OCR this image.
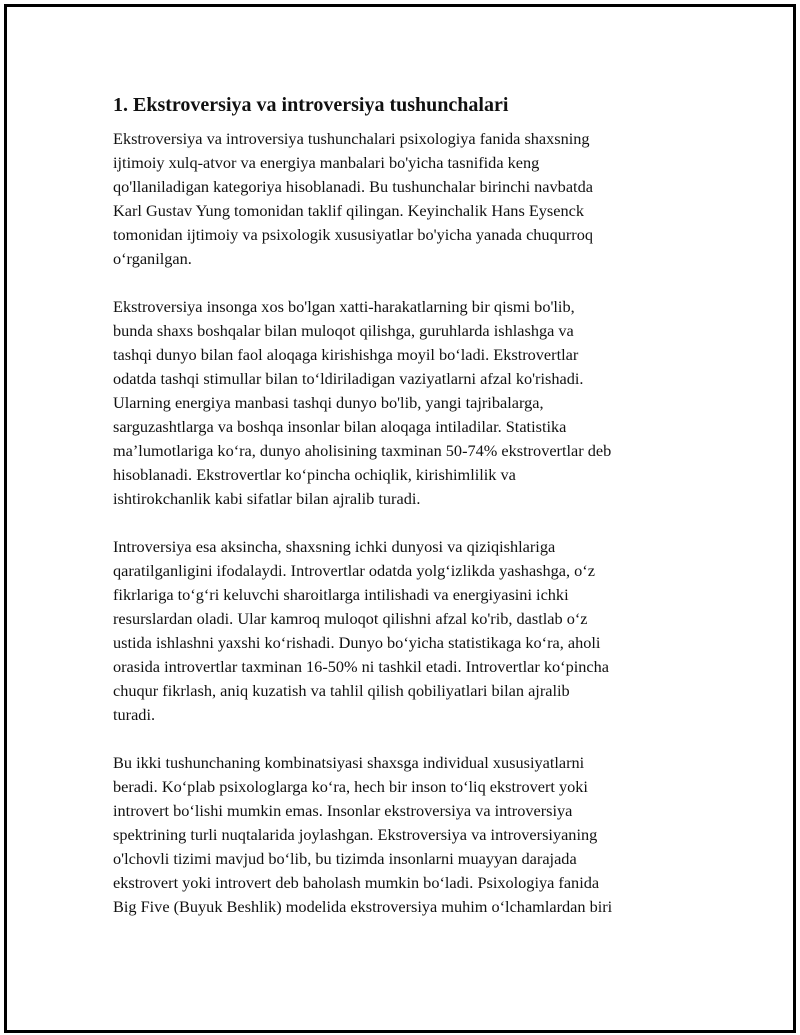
1. Ekstroversiya va introversiya tushunchalari
Ekstroversiya va introversiya tushunchalari psixologiya fanida shaxsning
ijtimoiy xulq-atvor va energiya manbalari bo'yicha tasnifida keng
qo'llaniladigan kategoriya hisoblanadi. Bu tushunchalar birinchi navbatda
Karl Gustav Yung tomonidan taklif qilingan. Keyinchalik Hans Eysenck
tomonidan ijtimoiy va psixologik xususiyatlar bo'yicha yanada chuqurroq
o‘rganilgan.
Ekstroversiya insonga xos bo'lgan xatti-harakatlarning bir qismi bo'lib,
bunda shaxs boshqalar bilan muloqot qilishga, guruhlarda ishlashga va
tashqi dunyo bilan faol aloqaga kirishishga moyil bo‘ladi. Ekstrovertlar
odatda tashqi stimullar bilan to‘ldiriladigan vaziyatlarni afzal ko'rishadi.
Ularning energiya manbasi tashqi dunyo bo'lib, yangi tajribalarga,
sarguzashtlarga va boshqa insonlar bilan aloqaga intiladilar. Statistika
ma’lumotlariga ko‘ra, dunyo aholisining taxminan 50-74% ekstrovertlar deb
hisoblanadi. Ekstrovertlar ko‘pincha ochiqlik, kirishimlilik va
ishtirokchanlik kabi sifatlar bilan ajralib turadi.
Introversiya esa aksincha, shaxsning ichki dunyosi va qiziqishlariga
qaratilganligini ifodalaydi. Introvertlar odatda yolg‘izlikda yashashga, o‘z
fikrlariga to‘g‘ri keluvchi sharoitlarga intilishadi va energiyasini ichki
resurslardan oladi. Ular kamroq muloqot qilishni afzal ko'rib, dastlab o‘z
ustida ishlashni yaxshi ko‘rishadi. Dunyo bo‘yicha statistikaga ko‘ra, aholi
orasida introvertlar taxminan 16-50% ni tashkil etadi. Introvertlar ko‘pincha
chuqur fikrlash, aniq kuzatish va tahlil qilish qobiliyatlari bilan ajralib
turadi.
Bu ikki tushunchaning kombinatsiyasi shaxsga individual xususiyatlarni
beradi. Ko‘plab psixologlarga ko‘ra, hech bir inson to‘liq ekstrovert yoki
introvert bo‘lishi mumkin emas. Insonlar ekstroversiya va introversiya
spektrining turli nuqtalarida joylashgan. Ekstroversiya va introversiyaning
o'lchovli tizimi mavjud bo‘lib, bu tizimda insonlarni muayyan darajada
ekstrovert yoki introvert deb baholash mumkin bo‘ladi. Psixologiya fanida
Big Five (Buyuk Beshlik) modelida ekstroversiya muhim o‘lchamlardan biri
